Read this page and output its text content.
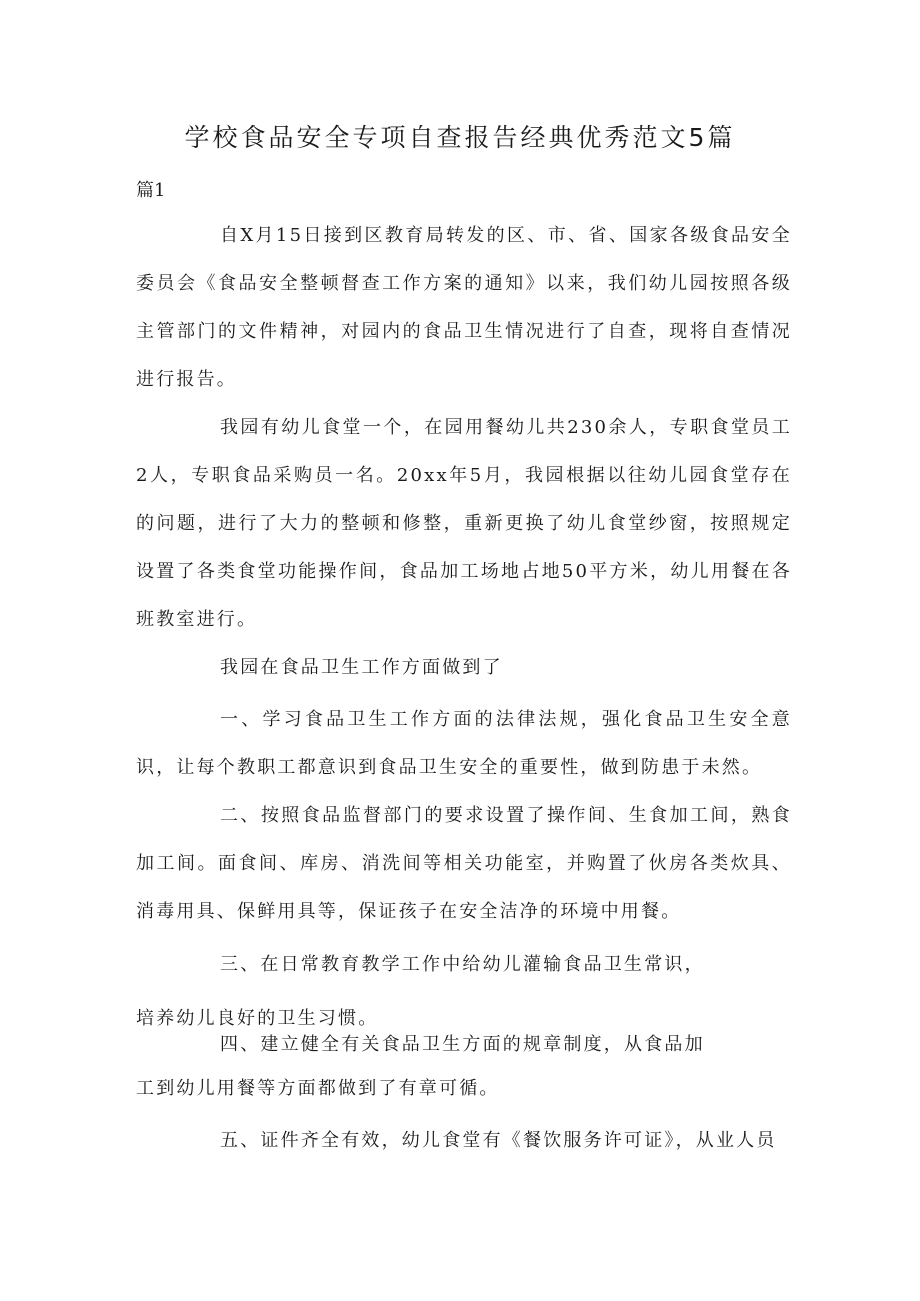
学校食品安全专项自查报告经典优秀范文5篇

篇1

自X月15日接到区教育局转发的区、市、省、国家各级食品安全委员会《食品安全整顿督查工作方案的通知》以来，我们幼儿园按照各级主管部门的文件精神，对园内的食品卫生情况进行了自查，现将自查情况进行报告。

我园有幼儿食堂一个，在园用餐幼儿共230余人，专职食堂员工2人，专职食品采购员一名。20xx年5月，我园根据以往幼儿园食堂存在的问题，进行了大力的整顿和修整，重新更换了幼儿食堂纱窗，按照规定设置了各类食堂功能操作间，食品加工场地占地50平方米，幼儿用餐在各班教室进行。

我园在食品卫生工作方面做到了

一、学习食品卫生工作方面的法律法规，强化食品卫生安全意识，让每个教职工都意识到食品卫生安全的重要性，做到防患于未然。

二、按照食品监督部门的要求设置了操作间、生食加工间，熟食加工间。面食间、库房、消洗间等相关功能室，并购置了伙房各类炊具、消毒用具、保鲜用具等，保证孩子在安全洁净的环境中用餐。

三、在日常教育教学工作中给幼儿灌输食品卫生常识，

培养幼儿良好的卫生习惯。

四、建立健全有关食品卫生方面的规章制度，从食品加

工到幼儿用餐等方面都做到了有章可循。

五、证件齐全有效，幼儿食堂有《餐饮服务许可证》，从业人员
